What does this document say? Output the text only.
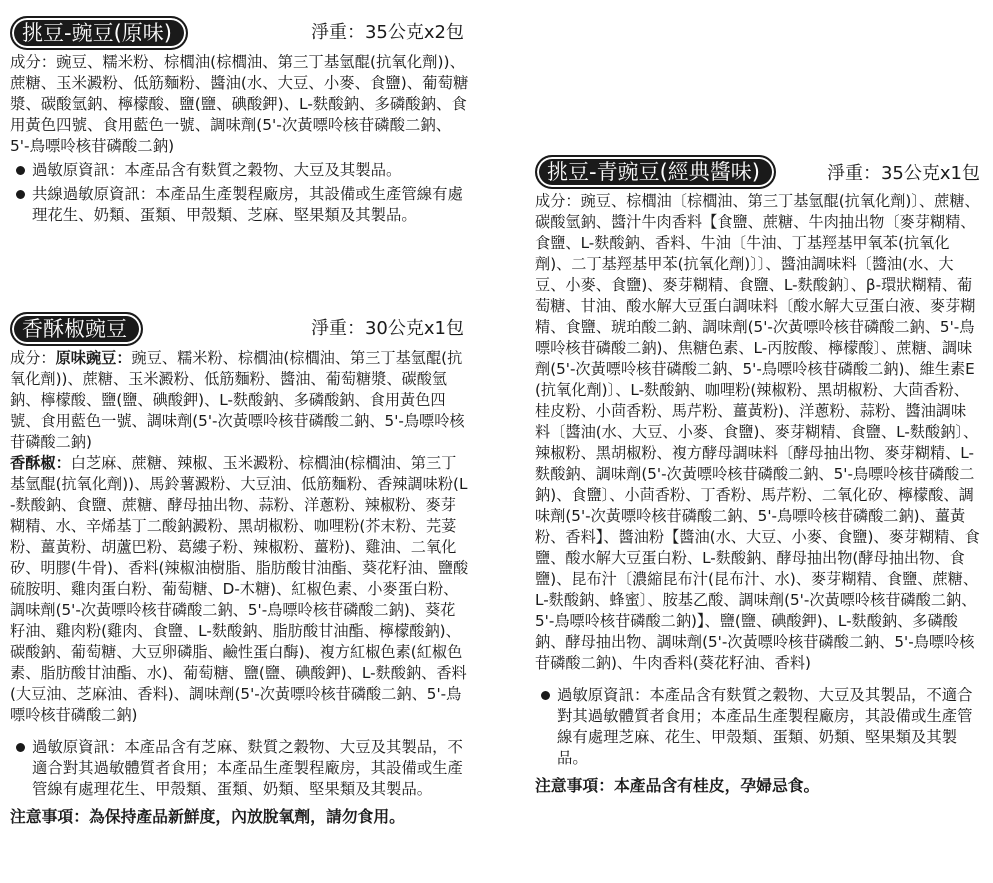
挑豆-豌豆(原味)	淨重：35公克x2包

成分：豌豆、糯米粉、棕櫚油(棕櫚油、第三丁基氫醌(抗氧化劑))、蔗糖、玉米澱粉、低筋麵粉、醬油(水、大豆、小麥、食鹽)、葡萄糖漿、碳酸氫鈉、檸檬酸、鹽(鹽、碘酸鉀)、L-麩酸鈉、多磷酸鈉、食用黃色四號、食用藍色一號、調味劑(5'-次黃嘌呤核苷磷酸二鈉、5'-鳥嘌呤核苷磷酸二鈉)

過敏原資訊：本產品含有麩質之穀物、大豆及其製品。
共線過敏原資訊：本產品生產製程廠房，其設備或生產管線有處理花生、奶類、蛋類、甲殼類、芝麻、堅果類及其製品。
香酥椒豌豆	淨重：30公克x1包

成分：原味豌豆：豌豆、糯米粉、棕櫚油(棕櫚油、第三丁基氫醌(抗氧化劑))、蔗糖、玉米澱粉、低筋麵粉、醬油、葡萄糖漿、碳酸氫鈉、檸檬酸、鹽(鹽、碘酸鉀)、L-麩酸鈉、多磷酸鈉、食用黃色四號、食用藍色一號、調味劑(5'-次黃嘌呤核苷磷酸二鈉、5'-鳥嘌呤核苷磷酸二鈉)
香酥椒：白芝麻、蔗糖、辣椒、玉米澱粉、棕櫚油(棕櫚油、第三丁基氫醌(抗氧化劑))、馬鈴薯澱粉、大豆油、低筋麵粉、香辣調味粉(L-麩酸鈉、食鹽、蔗糖、酵母抽出物、蒜粉、洋蔥粉、辣椒粉、麥芽糊精、水、辛烯基丁二酸鈉澱粉、黑胡椒粉、咖哩粉(芥末粉、芫荽粉、薑黃粉、胡蘆巴粉、葛縷子粉、辣椒粉、薑粉)、雞油、二氧化矽、明膠(牛骨)、香料(辣椒油樹脂、脂肪酸甘油酯、葵花籽油、鹽酸硫胺明、雞肉蛋白粉、葡萄糖、D-木糖)、紅椒色素、小麥蛋白粉、調味劑(5'-次黃嘌呤核苷磷酸二鈉、5'-鳥嘌呤核苷磷酸二鈉)、葵花籽油、雞肉粉(雞肉、食鹽、L-麩酸鈉、脂肪酸甘油酯、檸檬酸鈉)、碳酸鈉、葡萄糖、大豆卵磷脂、鹼性蛋白酶)、複方紅椒色素(紅椒色素、脂肪酸甘油酯、水)、葡萄糖、鹽(鹽、碘酸鉀)、L-麩酸鈉、香料(大豆油、芝麻油、香料)、調味劑(5'-次黃嘌呤核苷磷酸二鈉、5'-鳥嘌呤核苷磷酸二鈉)

過敏原資訊：本產品含有芝麻、麩質之穀物、大豆及其製品，不適合對其過敏體質者食用；本產品生產製程廠房，其設備或生產管線有處理花生、甲殼類、蛋類、奶類、堅果類及其製品。
注意事項：為保持產品新鮮度，內放脫氧劑，請勿食用。
挑豆-青豌豆(經典醬味)	淨重：35公克x1包

成分：豌豆、棕櫚油〔棕櫚油、第三丁基氫醌(抗氧化劑)〕、蔗糖、碳酸氫鈉、醬汁牛肉香料【食鹽、蔗糖、牛肉抽出物〔麥芽糊精、食鹽、L-麩酸鈉、香料、牛油〔牛油、丁基羥基甲氧苯(抗氧化劑)、二丁基羥基甲苯(抗氧化劑)〕〕、醬油調味料〔醬油(水、大豆、小麥、食鹽)、麥芽糊精、食鹽、L-麩酸鈉〕、β-環狀糊精、葡萄糖、甘油、酸水解大豆蛋白調味料〔酸水解大豆蛋白液、麥芽糊精、食鹽、琥珀酸二鈉、調味劑(5'-次黃嘌呤核苷磷酸二鈉、5'-鳥嘌呤核苷磷酸二鈉)、焦糖色素、L-丙胺酸、檸檬酸〕、蔗糖、調味劑(5'-次黃嘌呤核苷磷酸二鈉、5'-鳥嘌呤核苷磷酸二鈉)、維生素E(抗氧化劑)〕、L-麩酸鈉、咖哩粉(辣椒粉、黑胡椒粉、大茴香粉、桂皮粉、小茴香粉、馬芹粉、薑黃粉)、洋蔥粉、蒜粉、醬油調味料〔醬油(水、大豆、小麥、食鹽)、麥芽糊精、食鹽、L-麩酸鈉〕、辣椒粉、黑胡椒粉、複方酵母調味料〔酵母抽出物、麥芽糊精、L-麩酸鈉、調味劑(5'-次黃嘌呤核苷磷酸二鈉、5'-鳥嘌呤核苷磷酸二鈉)、食鹽〕、小茴香粉、丁香粉、馬芹粉、二氧化矽、檸檬酸、調味劑(5'-次黃嘌呤核苷磷酸二鈉、5'-鳥嘌呤核苷磷酸二鈉)、薑黃粉、香料】、醬油粉【醬油(水、大豆、小麥、食鹽)、麥芽糊精、食鹽、酸水解大豆蛋白粉、L-麩酸鈉、酵母抽出物(酵母抽出物、食鹽)、昆布汁〔濃縮昆布汁(昆布汁、水)、麥芽糊精、食鹽、蔗糖、L-麩酸鈉、蜂蜜〕、胺基乙酸、調味劑(5'-次黃嘌呤核苷磷酸二鈉、5'-鳥嘌呤核苷磷酸二鈉)】、鹽(鹽、碘酸鉀)、L-麩酸鈉、多磷酸鈉、酵母抽出物、調味劑(5'-次黃嘌呤核苷磷酸二鈉、5'-鳥嘌呤核苷磷酸二鈉)、牛肉香料(葵花籽油、香料)

過敏原資訊：本產品含有麩質之穀物、大豆及其製品，不適合對其過敏體質者食用；本產品生產製程廠房，其設備或生產管線有處理芝麻、花生、甲殼類、蛋類、奶類、堅果類及其製品。
注意事項：本產品含有桂皮，孕婦忌食。
